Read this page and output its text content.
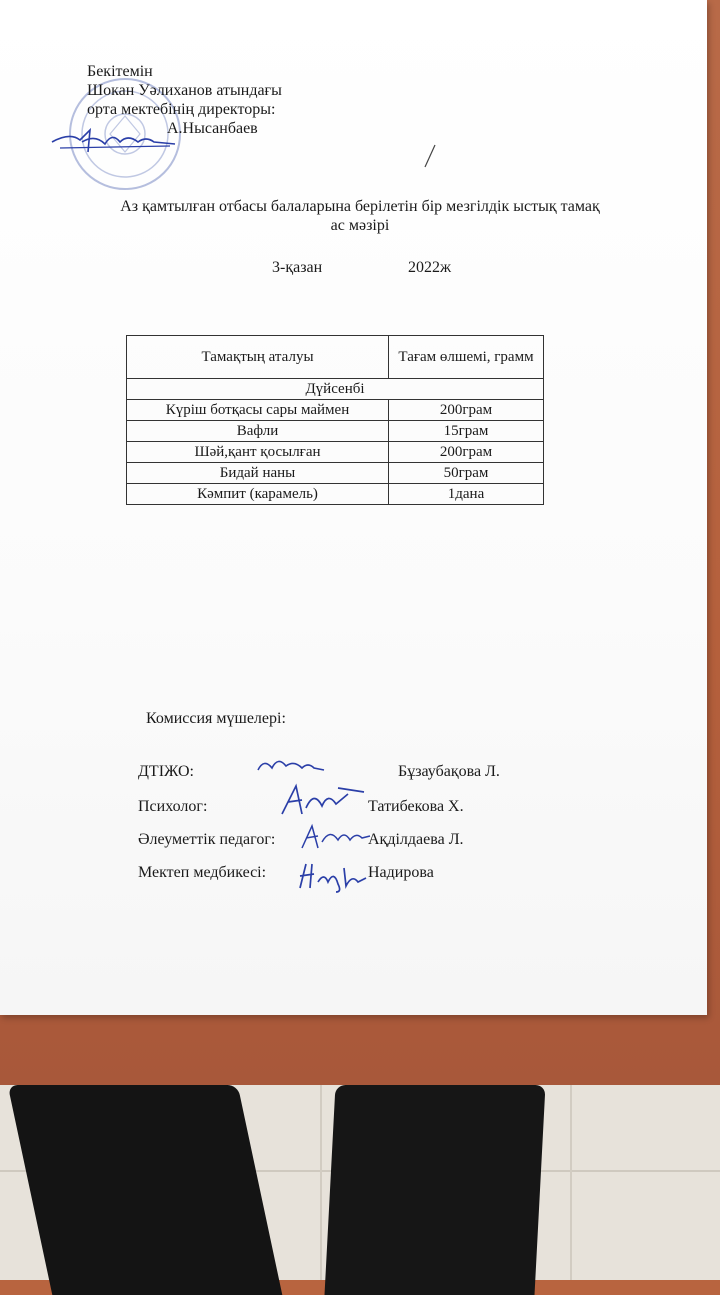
Бекітемін
Шокан Уәлиханов атындағы
орта мектебінің директоры:
А.Нысанбаев
Аз қамтылған отбасы балаларына берілетін бір мезгілдік ыстық тамақ
ас мәзірі
3-қазан	2022ж
Тамақтың аталуы	Тағам өлшемі, грамм
Дүйсенбі	
Күріш ботқасы сары маймен	200грам
Вафли	15грам
Шәй,қант қосылған	200грам
Бидай наны	50грам
Кәмпит (карамель)	1дана
Комиссия мүшелері:
ДТІЖО:	Бұзаубақова Л.
Психолог:	Татибекова Х.
Әлеуметтік педагог:	Ақділдаева Л.
Мектеп медбикесі:	Надирова
